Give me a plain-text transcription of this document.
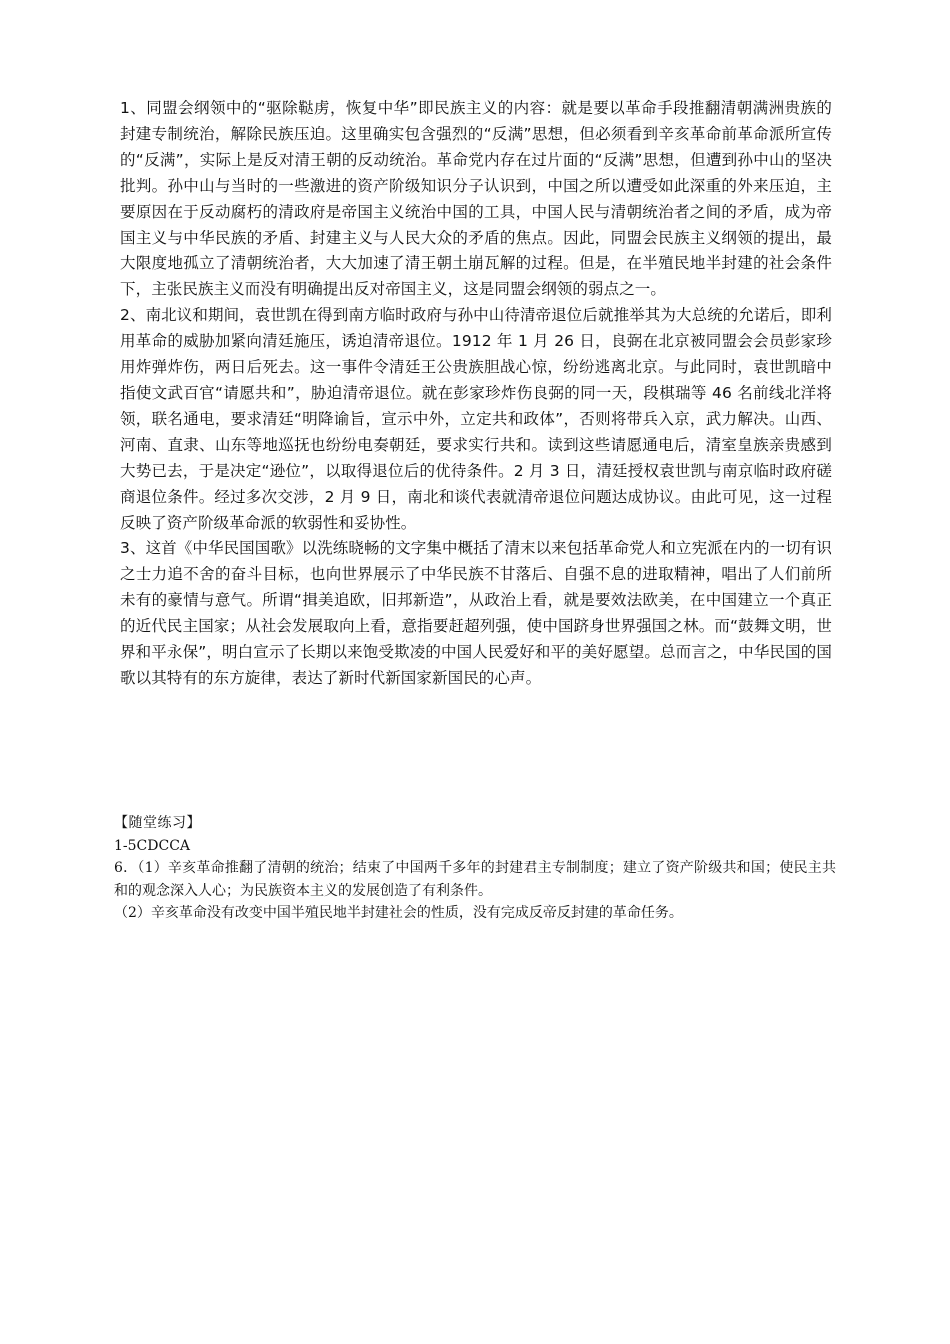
1、同盟会纲领中的“驱除鞑虏，恢复中华”即民族主义的内容：就是要以革命手段推翻清朝满洲贵族的封建专制统治，解除民族压迫。这里确实包含强烈的“反满”思想，但必须看到辛亥革命前革命派所宣传的“反满”，实际上是反对清王朝的反动统治。革命党内存在过片面的“反满”思想，但遭到孙中山的坚决批判。孙中山与当时的一些激进的资产阶级知识分子认识到，中国之所以遭受如此深重的外来压迫，主要原因在于反动腐朽的清政府是帝国主义统治中国的工具，中国人民与清朝统治者之间的矛盾，成为帝国主义与中华民族的矛盾、封建主义与人民大众的矛盾的焦点。因此，同盟会民族主义纲领的提出，最大限度地孤立了清朝统治者，大大加速了清王朝土崩瓦解的过程。但是，在半殖民地半封建的社会条件下，主张民族主义而没有明确提出反对帝国主义，这是同盟会纲领的弱点之一。

2、南北议和期间，袁世凯在得到南方临时政府与孙中山待清帝退位后就推举其为大总统的允诺后，即利用革命的威胁加紧向清廷施压，诱迫清帝退位。1912 年 1 月 26 日，良弼在北京被同盟会会员彭家珍用炸弹炸伤，两日后死去。这一事件令清廷王公贵族胆战心惊，纷纷逃离北京。与此同时，袁世凯暗中指使文武百官“请愿共和”，胁迫清帝退位。就在彭家珍炸伤良弼的同一天，段棋瑞等 46 名前线北洋将领，联名通电，要求清廷“明降谕旨，宣示中外，立定共和政体”，否则将带兵入京，武力解决。山西、河南、直隶、山东等地巡抚也纷纷电奏朝廷，要求实行共和。读到这些请愿通电后，清室皇族亲贵感到大势已去，于是决定“逊位”，以取得退位后的优待条件。2 月 3 日，清廷授权袁世凯与南京临时政府磋商退位条件。经过多次交涉，2 月 9 日，南北和谈代表就清帝退位问题达成协议。由此可见，这一过程反映了资产阶级革命派的软弱性和妥协性。

3、这首《中华民国国歌》以洗练晓畅的文字集中概括了清末以来包括革命党人和立宪派在内的一切有识之士力追不舍的奋斗目标，也向世界展示了中华民族不甘落后、自强不息的进取精神，唱出了人们前所未有的豪情与意气。所谓“揖美追欧，旧邦新造”，从政治上看，就是要效法欧美，在中国建立一个真正的近代民主国家；从社会发展取向上看，意指要赶超列强，使中国跻身世界强国之林。而“鼓舞文明，世界和平永保”，明白宣示了长期以来饱受欺凌的中国人民爱好和平的美好愿望。总而言之，中华民国的国歌以其特有的东方旋律，表达了新时代新国家新国民的心声。

【随堂练习】

1-5CDCCA

6．（1）辛亥革命推翻了清朝的统治；结束了中国两千多年的封建君主专制制度；建立了资产阶级共和国；使民主共和的观念深入人心；为民族资本主义的发展创造了有利条件。

（2）辛亥革命没有改变中国半殖民地半封建社会的性质，没有完成反帝反封建的革命任务。
